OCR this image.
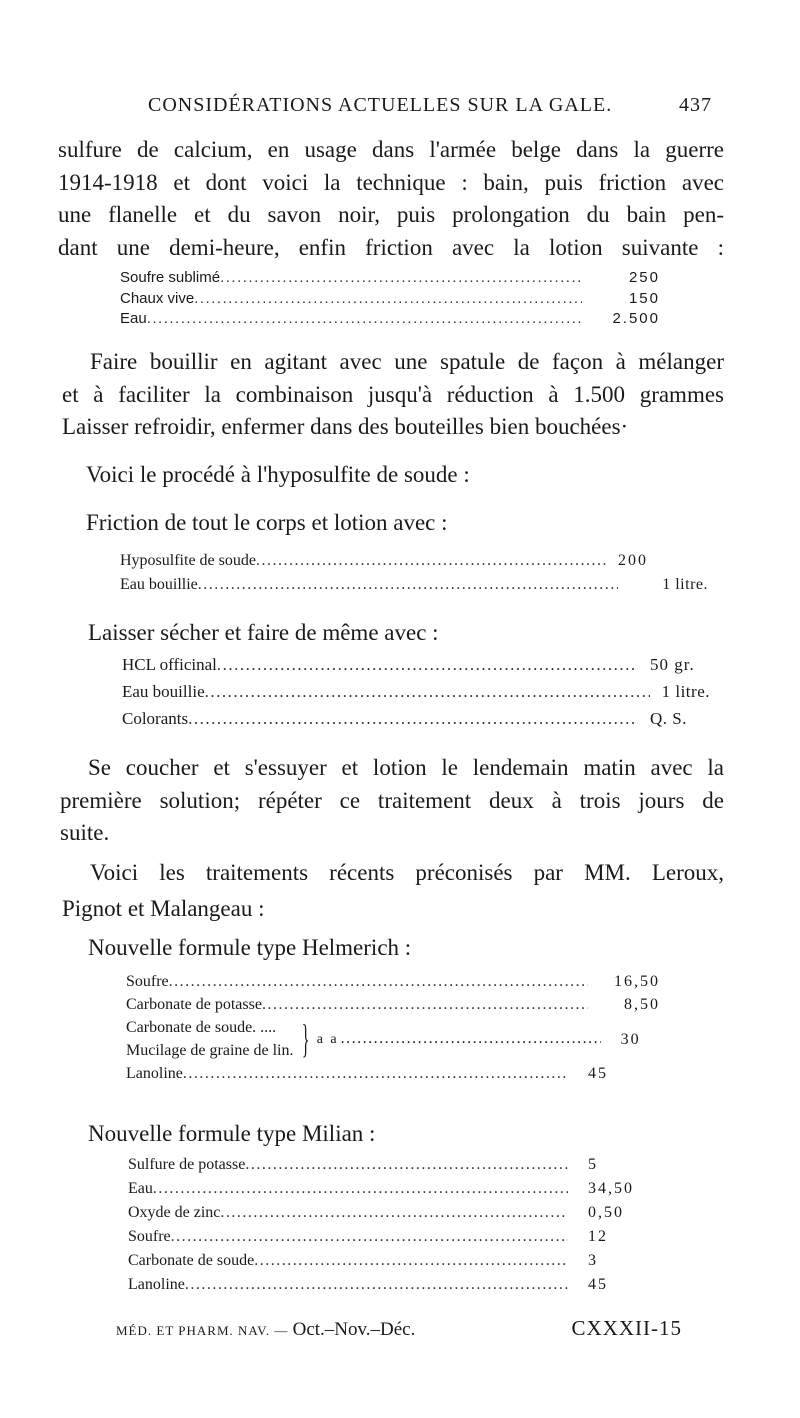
CONSIDÉRATIONS ACTUELLES SUR LA GALE.	437
sulfure de calcium, en usage dans l'armée belge dans la guerre
1914-1918 et dont voici la technique : bain, puis friction avec
une flanelle et du savon noir, puis prolongation du bain pen-
dant une demi-heure, enfin friction avec la lotion suivante :
Soufre sublimé .....	250
Chaux vive .....	150
Eau .....	2.500
Faire bouillir en agitant avec une spatule de façon à mélanger
et à faciliter la combinaison jusqu'à réduction à 1.500 grammes
Laisser refroidir, enfermer dans des bouteilles bien bouchées·

Voici le procédé à l'hyposulfite de soude :

Friction de tout le corps et lotion avec :

Hyposulfite de soude .....	200
Eau bouillie .....	1 litre.

Laisser sécher et faire de même avec :

HCL officinal .....	50 gr.
Eau bouillie .....	1 litre.
Colorants .....	Q. S.
Se coucher et s'essuyer et lotion le lendemain matin avec la
première solution; répéter ce traitement deux à trois jours de
suite.
Voici les traitements récents préconisés par MM. Leroux,
Pignot et Malangeau :

Nouvelle formule type Helmerich :

Soufre .....	16,50
Carbonate de potasse .....	8,50
Carbonate de soude. ....
Mucilage de graine de lin. } a a .....	30
Lanoline .....	45

Nouvelle formule type Milian :

Sulfure de potasse .....	5
Eau .....	34,50
Oxyde de zinc .....	0,50
Soufre .....	12
Carbonate de soude .....	3
Lanoline .....	45
MÉD. ET PHARM. NAV. — Oct.–Nov.–Déc.	CXXXII-15
